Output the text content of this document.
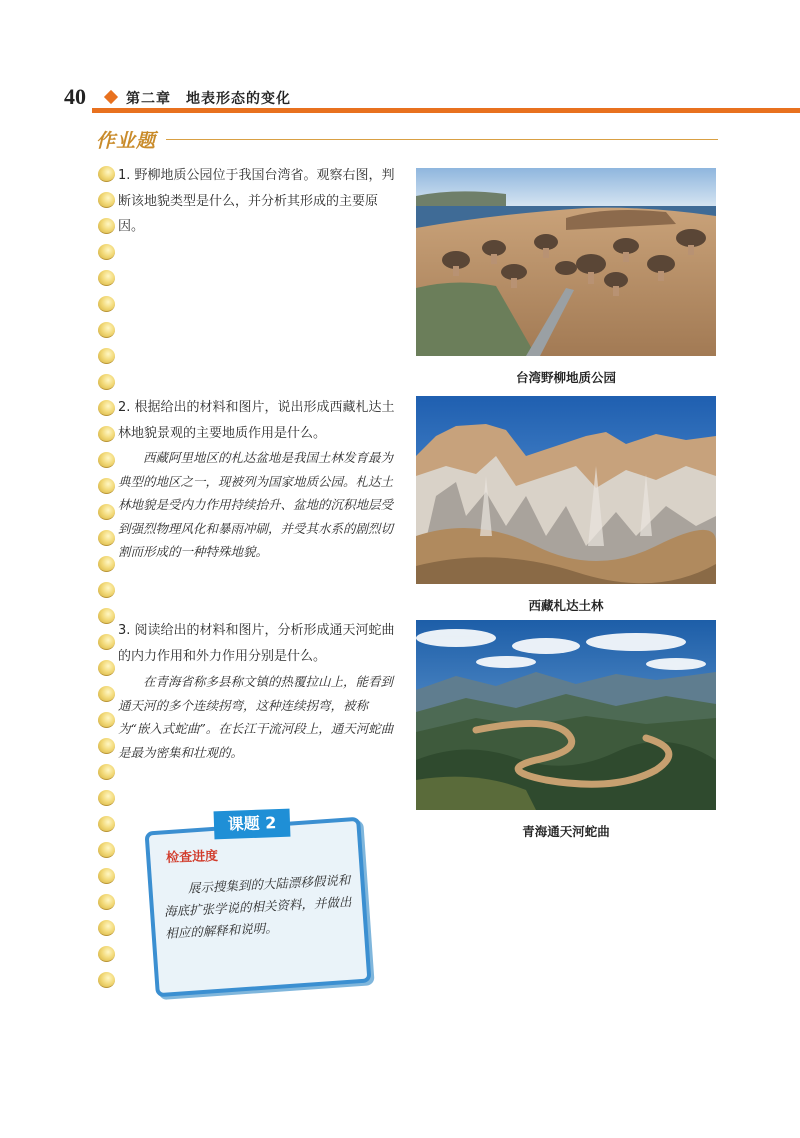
40	第二章　地表形态的变化
作业题
1. 野柳地质公园位于我国台湾省。观察右图，判断该地貌类型是什么，并分析其形成的主要原因。
2. 根据给出的材料和图片，说出形成西藏札达土林地貌景观的主要地质作用是什么。
西藏阿里地区的札达盆地是我国土林发育最为典型的地区之一，现被列为国家地质公园。札达土林地貌是受内力作用持续抬升、盆地的沉积地层受到强烈物理风化和暴雨冲刷，并受其水系的剧烈切割而形成的一种特殊地貌。
3. 阅读给出的材料和图片，分析形成通天河蛇曲的内力作用和外力作用分别是什么。
在青海省称多县称文镇的热覆拉山上，能看到通天河的多个连续拐弯，这种连续拐弯，被称为“嵌入式蛇曲”。在长江干流河段上，通天河蛇曲是最为密集和壮观的。
台湾野柳地质公园
西藏札达土林
青海通天河蛇曲
课题 2
检查进度
展示搜集到的大陆漂移假说和海底扩张学说的相关资料，并做出相应的解释和说明。
